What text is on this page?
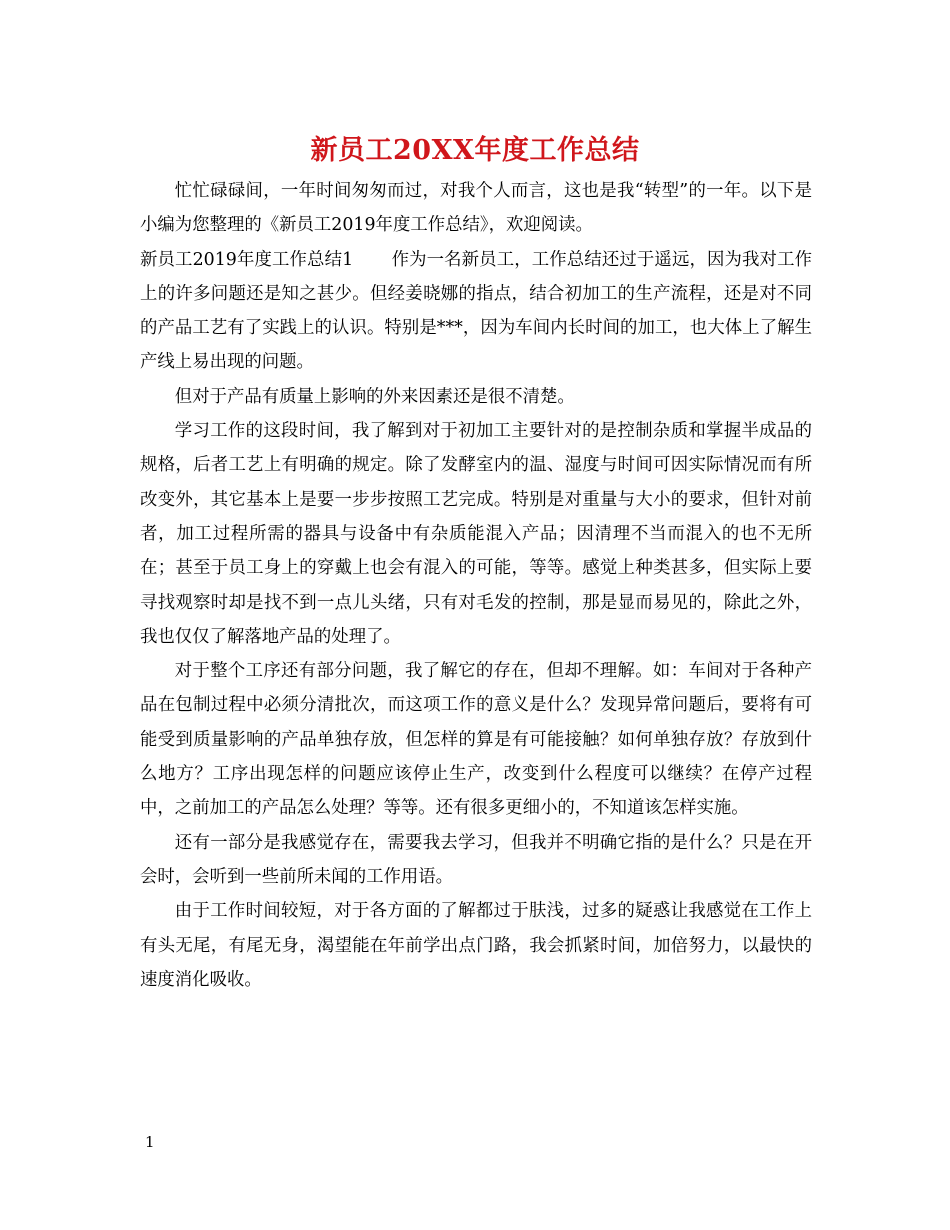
新员工20XX年度工作总结

忙忙碌碌间，一年时间匆匆而过，对我个人而言，这也是我“转型”的一年。以下是小编为您整理的《新员工2019年度工作总结》，欢迎阅读。

新员工2019年度工作总结1 作为一名新员工，工作总结还过于遥远，因为我对工作上的许多问题还是知之甚少。但经姜晓娜的指点，结合初加工的生产流程，还是对不同的产品工艺有了实践上的认识。特别是***，因为车间内长时间的加工，也大体上了解生产线上易出现的问题。

但对于产品有质量上影响的外来因素还是很不清楚。

学习工作的这段时间，我了解到对于初加工主要针对的是控制杂质和掌握半成品的规格，后者工艺上有明确的规定。除了发酵室内的温、湿度与时间可因实际情况而有所改变外，其它基本上是要一步步按照工艺完成。特别是对重量与大小的要求，但针对前者，加工过程所需的器具与设备中有杂质能混入产品；因清理不当而混入的也不无所在；甚至于员工身上的穿戴上也会有混入的可能，等等。感觉上种类甚多，但实际上要寻找观察时却是找不到一点儿头绪，只有对毛发的控制，那是显而易见的，除此之外，我也仅仅了解落地产品的处理了。

对于整个工序还有部分问题，我了解它的存在，但却不理解。如：车间对于各种产品在包制过程中必须分清批次，而这项工作的意义是什么？发现异常问题后，要将有可能受到质量影响的产品单独存放，但怎样的算是有可能接触？如何单独存放？存放到什么地方？工序出现怎样的问题应该停止生产，改变到什么程度可以继续？在停产过程中，之前加工的产品怎么处理？等等。还有很多更细小的，不知道该怎样实施。

还有一部分是我感觉存在，需要我去学习，但我并不明确它指的是什么？只是在开会时，会听到一些前所未闻的工作用语。

由于工作时间较短，对于各方面的了解都过于肤浅，过多的疑惑让我感觉在工作上有头无尾，有尾无身，渴望能在年前学出点门路，我会抓紧时间，加倍努力，以最快的速度消化吸收。

1
